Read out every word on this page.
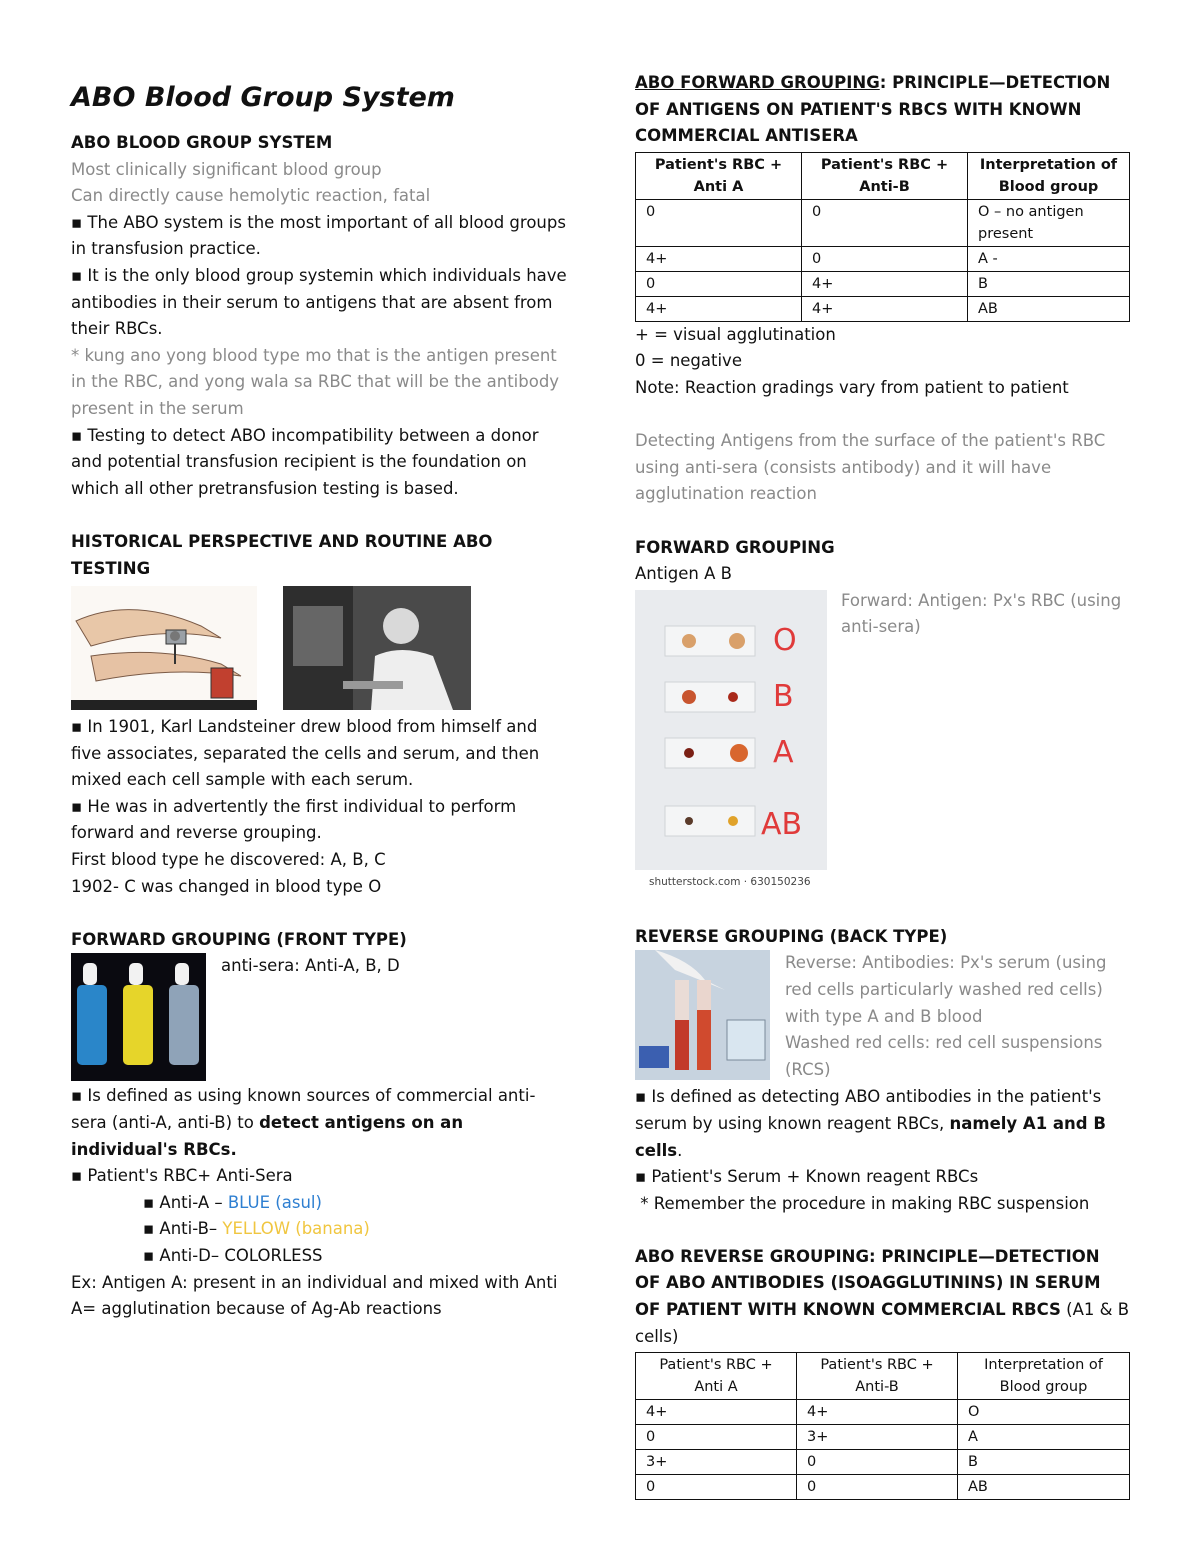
ABO Blood Group System

ABO BLOOD GROUP SYSTEM

Most clinically significant blood group

Can directly cause hemolytic reaction, fatal

▪ The ABO system is the most important of all blood groups in transfusion practice.

▪ It is the only blood group systemin which individuals have antibodies in their serum to antigens that are absent from their RBCs.

* kung ano yong blood type mo that is the antigen present in the RBC, and yong wala sa RBC that will be the antibody present in the serum

▪ Testing to detect ABO incompatibility between a donor and potential transfusion recipient is the foundation on which all other pretransfusion testing is based.

HISTORICAL PERSPECTIVE AND ROUTINE ABO TESTING

▪ In 1901, Karl Landsteiner drew blood from himself and five associates, separated the cells and serum, and then mixed each cell sample with each serum.

▪ He was in advertently the first individual to perform forward and reverse grouping.

First blood type he discovered: A, B, C

1902- C was changed in blood type O

FORWARD GROUPING (FRONT TYPE)

anti-sera: Anti-A, B, D

▪ Is defined as using known sources of commercial anti-sera (anti-A, anti-B) to detect antigens on an individual's RBCs.

▪ Patient's RBC+ Anti-Sera

▪ Anti-A – BLUE (asul)

▪ Anti-B– YELLOW (banana)

▪ Anti-D– COLORLESS

Ex: Antigen A: present in an individual and mixed with Anti A= agglutination because of Ag-Ab reactions

ABO FORWARD GROUPING: PRINCIPLE—DETECTION OF ANTIGENS ON PATIENT'S RBCS WITH KNOWN COMMERCIAL ANTISERA

Patient's RBC + Anti A	Patient's RBC + Anti-B	Interpretation of Blood group
0	0	O – no antigen present
4+	0	A -
0	4+	B
4+	4+	AB

+ = visual agglutination

0 = negative

Note: Reaction gradings vary from patient to patient

Detecting Antigens from the surface of the patient's RBC using anti-sera (consists antibody) and it will have agglutination reaction

FORWARD GROUPING

Antigen A B

O
B
A
AB
shutterstock.com · 630150236

Forward: Antigen: Px's RBC (using anti-sera)

REVERSE GROUPING (BACK TYPE)

Reverse: Antibodies: Px's serum (using red cells particularly washed red cells) with type A and B blood

Washed red cells: red cell suspensions (RCS)

▪ Is defined as detecting ABO antibodies in the patient's serum by using known reagent RBCs, namely A1 and B cells.

▪ Patient's Serum + Known reagent RBCs

* Remember the procedure in making RBC suspension

ABO REVERSE GROUPING: PRINCIPLE—DETECTION OF ABO ANTIBODIES (ISOAGGLUTININS) IN SERUM OF PATIENT WITH KNOWN COMMERCIAL RBCS (A1 & B cells)

Patient's RBC + Anti A	Patient's RBC + Anti-B	Interpretation of Blood group
4+	4+	O
0	3+	A
3+	0	B
0	0	AB
